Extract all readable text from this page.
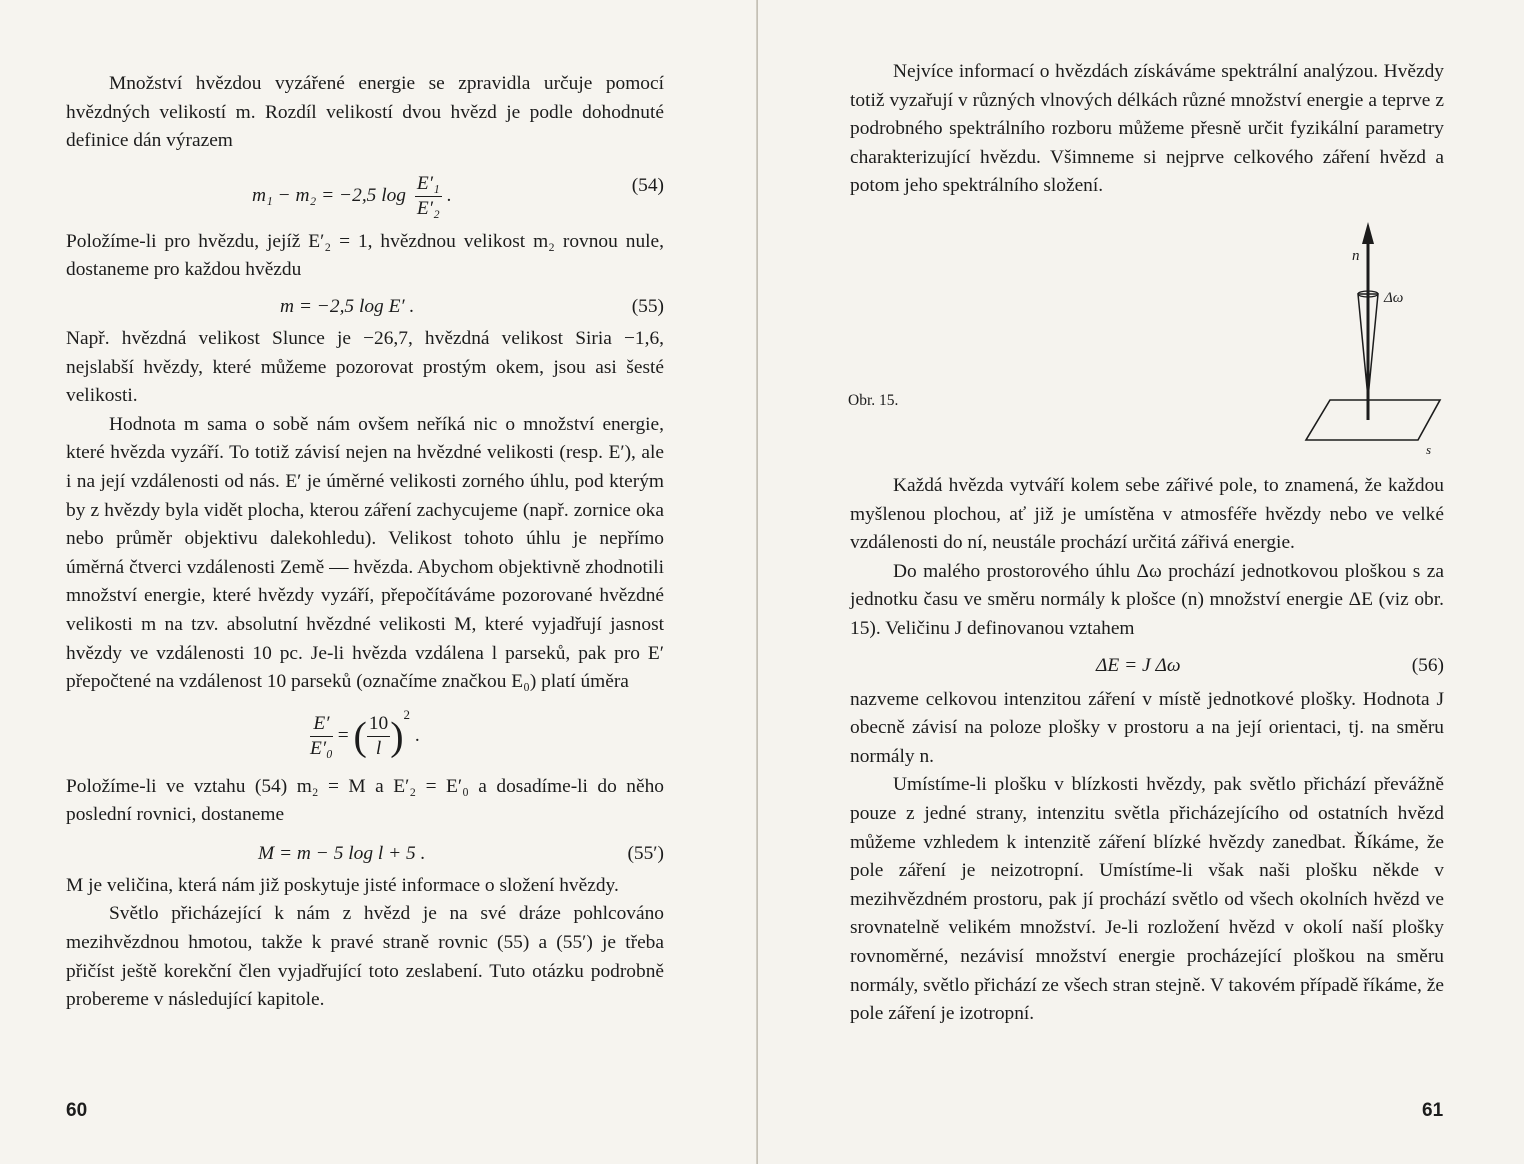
Množství hvězdou vyzářené energie se zpravidla určuje pomocí hvězdných velikostí m. Rozdíl velikostí dvou hvězd je podle dohodnuté definice dán výrazem

m₁ − m₂ = −2,5 $\log \frac{\text{E′₁}}{\text{E′₂}}$ .	(54)

Položíme-li pro hvězdu, jejíž E′₂ = 1, hvězdnou velikost m₂ rovnou nule, dostaneme pro každou hvězdu

m = −2,5 log E′ .	(55)

Např. hvězdná velikost Slunce je −26,7, hvězdná velikost Siria −1,6, nejslabší hvězdy, které můžeme pozorovat prostým okem, jsou asi šesté velikosti.

Hodnota m sama o sobě nám ovšem neříká nic o množství energie, které hvězda vyzáří. To totiž závisí nejen na hvězdné velikosti (resp. E′), ale i na její vzdálenosti od nás. E′ je úměrné velikosti zorného úhlu, pod kterým by z hvězdy byla vidět plocha, kterou záření zachycujeme (např. zornice oka nebo průměr objektivu dalekohledu). Velikost tohoto úhlu je nepřímo úměrná čtverci vzdálenosti Země — hvězda. Abychom objektivně zhodnotili množství energie, které hvězdy vyzáří, přepočítáváme pozorované hvězdné velikosti m na tzv. absolutní hvězdné velikosti M, které vyjadřují jasnost hvězdy ve vzdálenosti 10 pc. Je-li hvězda vzdálena l parseků, pak pro E′ přepočtené na vzdálenost 10 parseků (označíme značkou E₀) platí úměra

$\frac{E'}{\text{E′₀}}$ = ( $\frac{10}{l} )^2$ .

Položíme-li ve vztahu (54) m₂ = M a E′₂ = E′₀ a dosadíme-li do něho poslední rovnici, dostaneme

M = m − 5 log l + 5 .	(55′)

M je veličina, která nám již poskytuje jisté informace o složení hvězdy.

Světlo přicházející k nám z hvězd je na své dráze pohlcováno mezihvězdnou hmotou, takže k pravé straně rovnic (55) a (55′) je třeba přičíst ještě korekční člen vyjadřující toto zeslabení. Tuto otázku podrobně probereme v následující kapitole.

60

Nejvíce informací o hvězdách získáváme spektrální analýzou. Hvězdy totiž vyzařují v různých vlnových délkách různé množství energie a teprve z podrobného spektrálního rozboru můžeme přesně určit fyzikální parametry charakterizující hvězdu. Všimneme si nejprve celkového záření hvězd a potom jeho spektrálního složení.

n
Δω
s
Obr. 15.

Každá hvězda vytváří kolem sebe zářivé pole, to znamená, že každou myšlenou plochou, ať již je umístěna v atmosféře hvězdy nebo ve velké vzdálenosti do ní, neustále prochází určitá zářivá energie.

Do malého prostorového úhlu Δω prochází jednotkovou ploškou s za jednotku času ve směru normály k plošce (n) množství energie ΔE (viz obr. 15). Veličinu J definovanou vztahem

ΔE = J Δω	(56)

nazveme celkovou intenzitou záření v místě jednotkové plošky. Hodnota J obecně závisí na poloze plošky v prostoru a na její orientaci, tj. na směru normály n.

Umístíme-li plošku v blízkosti hvězdy, pak světlo přichází převážně pouze z jedné strany, intenzitu světla přicházejícího od ostatních hvězd můžeme vzhledem k intenzitě záření blízké hvězdy zanedbat. Říkáme, že pole záření je neizotropní. Umístíme-li však naši plošku někde v mezihvězdném prostoru, pak jí prochází světlo od všech okolních hvězd ve srovnatelně velikém množství. Je-li rozložení hvězd v okolí naší plošky rovnoměrné, nezávisí množství energie procházející ploškou na směru normály, světlo přichází ze všech stran stejně. V takovém případě říkáme, že pole záření je izotropní.

61
